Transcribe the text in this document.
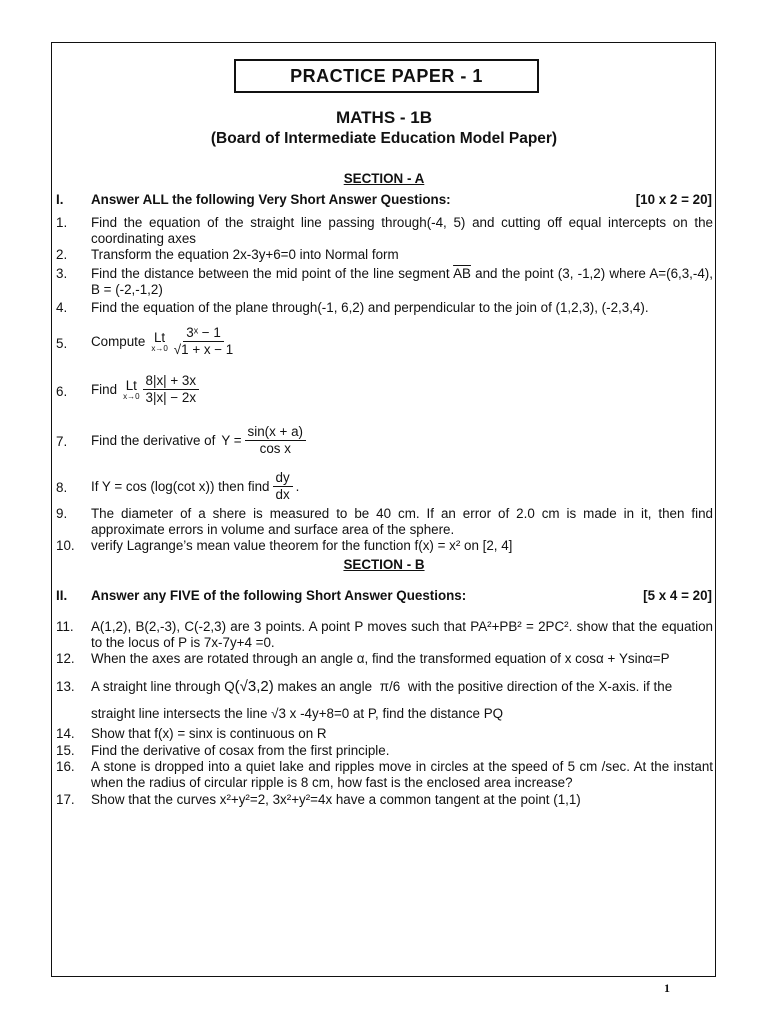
PRACTICE PAPER - 1
MATHS - 1B
(Board of Intermediate Education Model Paper)
SECTION - A
I. Answer ALL the following Very Short Answer Questions:	[10 x 2 = 20]
1. Find the equation of the straight line passing through(-4, 5) and cutting off equal intercepts on the coordinating axes
2. Transform the equation 2x-3y+6=0 into Normal form
3. Find the distance between the mid point of the line segment $\overline{AB}$ and the point (3, -1,2) where A=(6,3,-4), B = (-2,-1,2)
4. Find the equation of the plane through(-1, 6,2) and perpendicular to the join of (1,2,3), (-2,3,4).
5. Compute Lt
$x\to 0 \frac{\text{3ˣ − 1}}{√1 + x - 1}$
6. Find Lt
$x\to 0 \frac{8|x| + 3x}{3|x| - 2x}$
7. Find the derivative of $Y = \frac{\sin(x + a)}{\text{cos x}}$
8. If Y = cos (log(cot x)) then find $\frac{dy}{dx}$ .
9. The diameter of a shere is measured to be 40 cm. If an error of 2.0 cm is made in it, then find approximate errors in volume and surface area of the sphere.
10. verify Lagrange’s mean value theorem for the function f(x) = x² on [2, 4]
SECTION - B
II. Answer any FIVE of the following Short Answer Questions:	[5 x 4 = 20]
11. A(1,2), B(2,-3), C(-2,3) are 3 points. A point P moves such that PA²+PB² = 2PC². show that the equation to the locus of P is 7x-7y+4 =0.
12. When the axes are rotated through an angle α, find the transformed equation of x cosα + Ysinα=P
13. A straight line through Q(√3,2) makes an angle π/6 with the positive direction of the X-axis. if the
straight line intersects the line √3 x -4y+8=0 at P, find the distance PQ
14. Show that f(x) = sinx is continuous on R
15. Find the derivative of cosax from the first principle.
16. A stone is dropped into a quiet lake and ripples move in circles at the speed of 5 cm /sec. At the instant when the radius of circular ripple is 8 cm, how fast is the enclosed area increase?
17. Show that the curves x²+y²=2, 3x²+y²=4x have a common tangent at the point (1,1)
1
